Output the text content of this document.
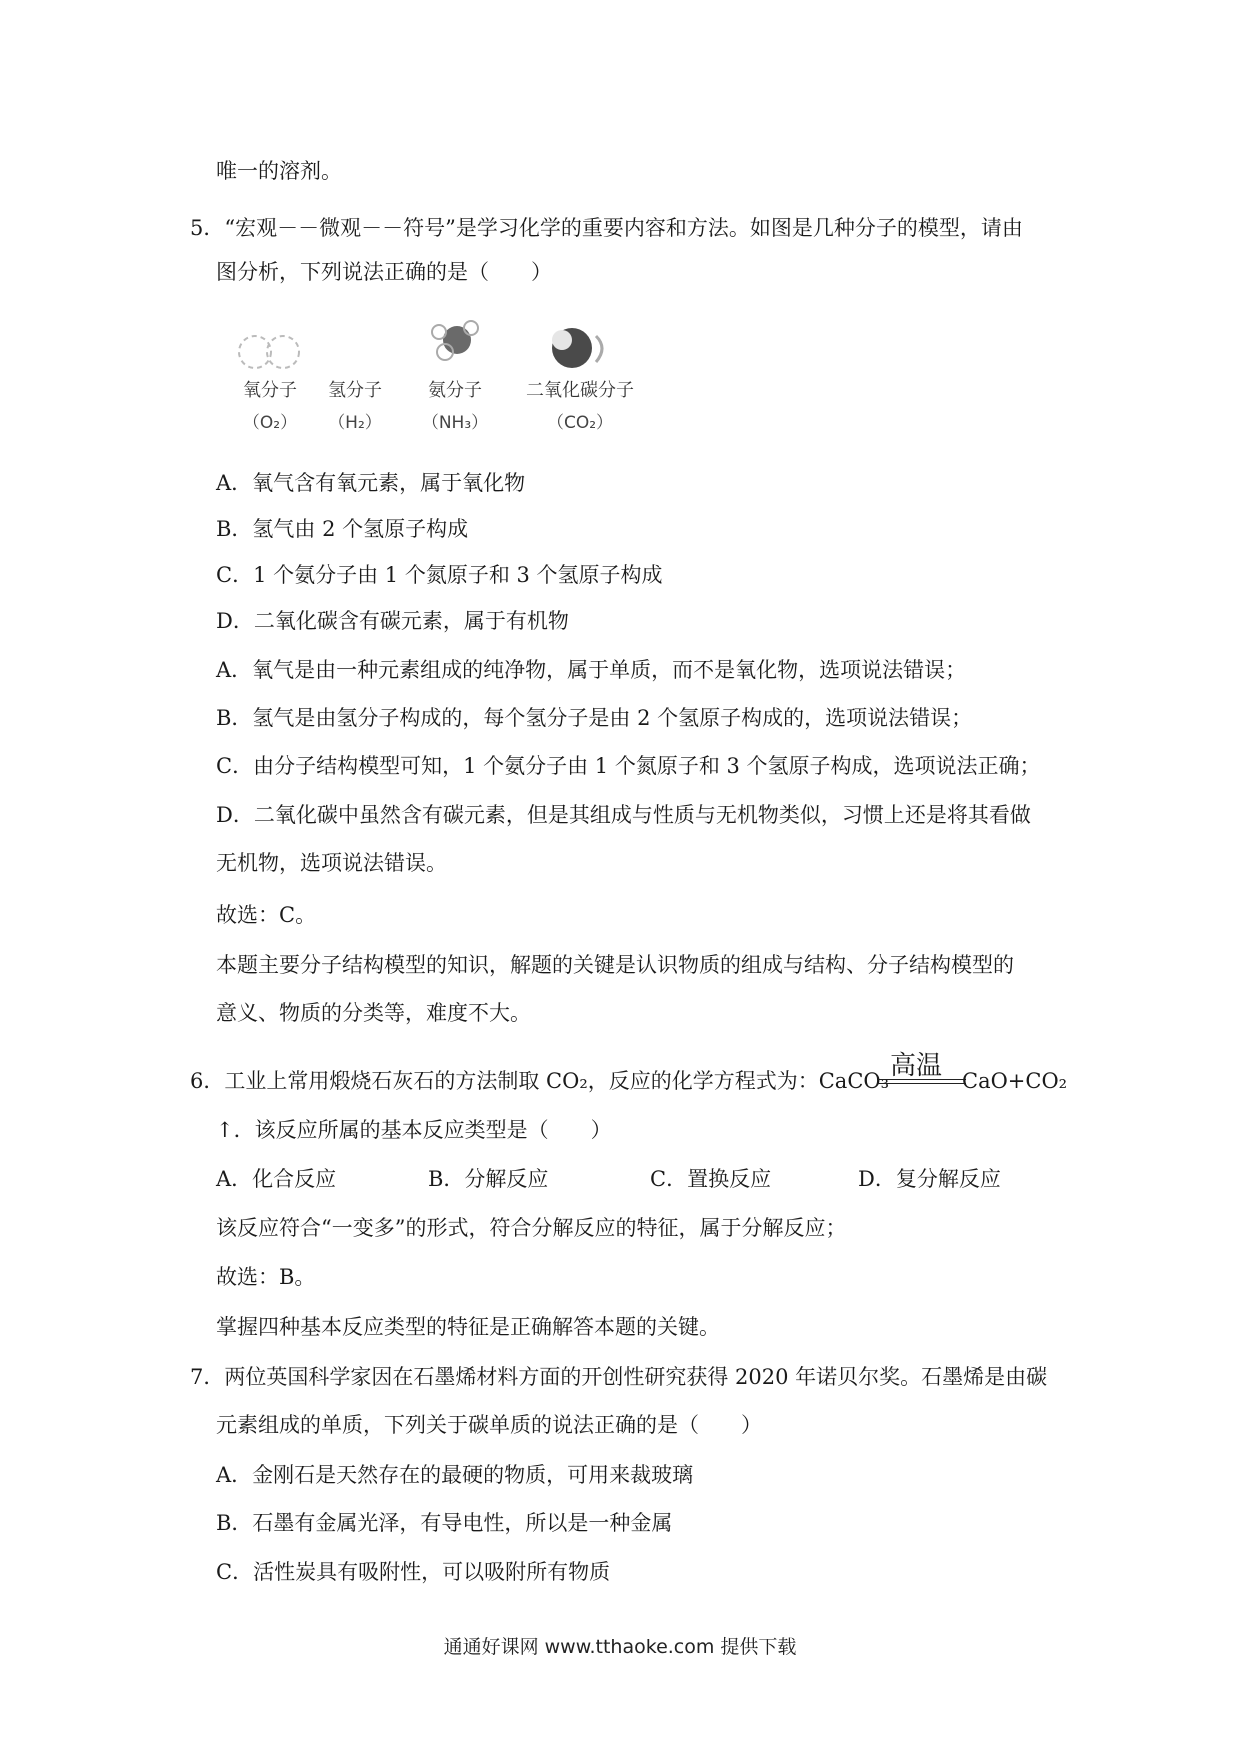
唯一的溶剂。
5．“宏观－－微观－－符号”是学习化学的重要内容和方法。如图是几种分子的模型，请由
图分析，下列说法正确的是（　　）
氧分子
（O₂）
氢分子
（H₂）
氨分子
（NH₃）
二氧化碳分子
（CO₂）
A．氧气含有氧元素，属于氧化物
B．氢气由 2 个氢原子构成
C．1 个氨分子由 1 个氮原子和 3 个氢原子构成
D．二氧化碳含有碳元素，属于有机物
A．氧气是由一种元素组成的纯净物，属于单质，而不是氧化物，选项说法错误；
B．氢气是由氢分子构成的，每个氢分子是由 2 个氢原子构成的，选项说法错误；
C．由分子结构模型可知，1 个氨分子由 1 个氮原子和 3 个氢原子构成，选项说法正确；
D．二氧化碳中虽然含有碳元素，但是其组成与性质与无机物类似，习惯上还是将其看做
无机物，选项说法错误。
故选：C。
本题主要分子结构模型的知识，解题的关键是认识物质的组成与结构、分子结构模型的
意义、物质的分类等，难度不大。
6．工业上常用煅烧石灰石的方法制取 CO₂，反应的化学方程式为：CaCO₃ 高温 CaO+CO₂
↑．该反应所属的基本反应类型是（　　）
A．化合反应	B．分解反应	C．置换反应	D．复分解反应
该反应符合“一变多”的形式，符合分解反应的特征，属于分解反应；
故选：B。
掌握四种基本反应类型的特征是正确解答本题的关键。
7．两位英国科学家因在石墨烯材料方面的开创性研究获得 2020 年诺贝尔奖。石墨烯是由碳
元素组成的单质，下列关于碳单质的说法正确的是（　　）
A．金刚石是天然存在的最硬的物质，可用来裁玻璃
B．石墨有金属光泽，有导电性，所以是一种金属
C．活性炭具有吸附性，可以吸附所有物质
通通好课网 www.tthaoke.com 提供下载
